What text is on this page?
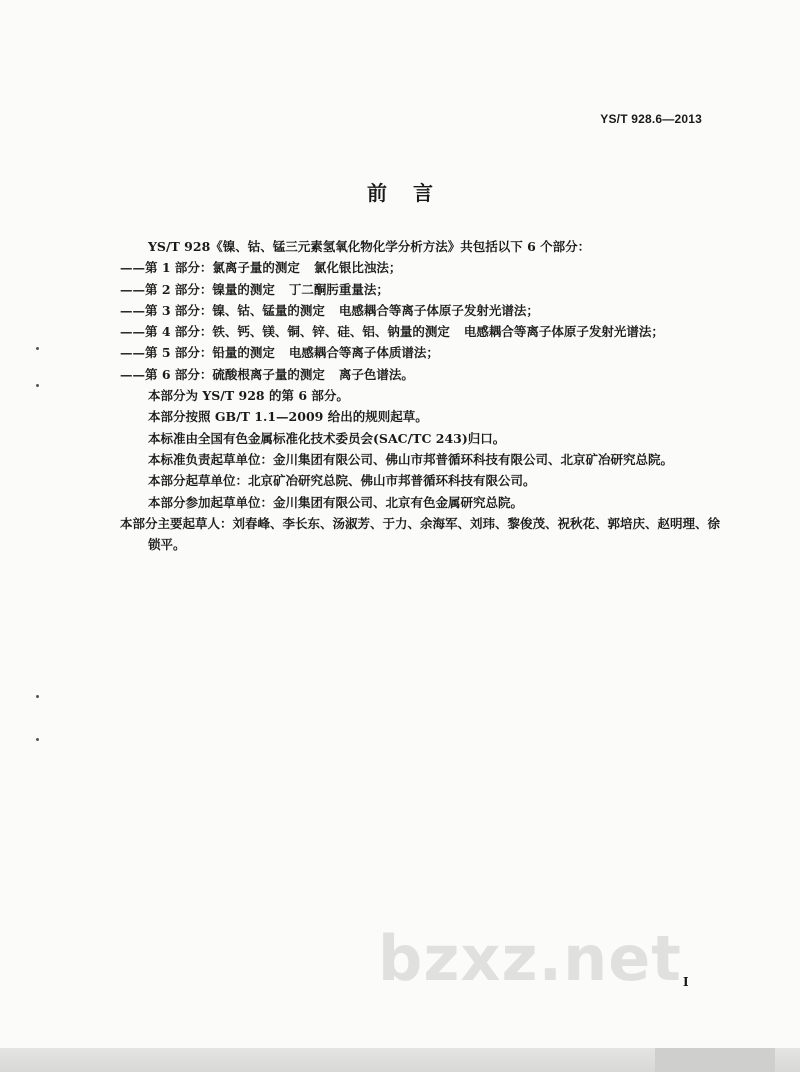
YS/T 928.6—2013
前言
YS/T 928《镍、钴、锰三元素氢氧化物化学分析方法》共包括以下 6 个部分：
——第 1 部分：氯离子量的测定 氯化银比浊法；
——第 2 部分：镍量的测定 丁二酮肟重量法；
——第 3 部分：镍、钴、锰量的测定 电感耦合等离子体原子发射光谱法；
——第 4 部分：铁、钙、镁、铜、锌、硅、铝、钠量的测定 电感耦合等离子体原子发射光谱法；
——第 5 部分：铅量的测定 电感耦合等离子体质谱法；
——第 6 部分：硫酸根离子量的测定 离子色谱法。
本部分为 YS/T 928 的第 6 部分。
本部分按照 GB/T 1.1—2009 给出的规则起草。
本标准由全国有色金属标准化技术委员会(SAC/TC 243)归口。
本标准负责起草单位：金川集团有限公司、佛山市邦普循环科技有限公司、北京矿冶研究总院。
本部分起草单位：北京矿冶研究总院、佛山市邦普循环科技有限公司。
本部分参加起草单位：金川集团有限公司、北京有色金属研究总院。
本部分主要起草人：刘春峰、李长东、汤淑芳、于力、余海军、刘玮、黎俊茂、祝秋花、郭培庆、赵明理、徐锁平。
bzxz.net I
